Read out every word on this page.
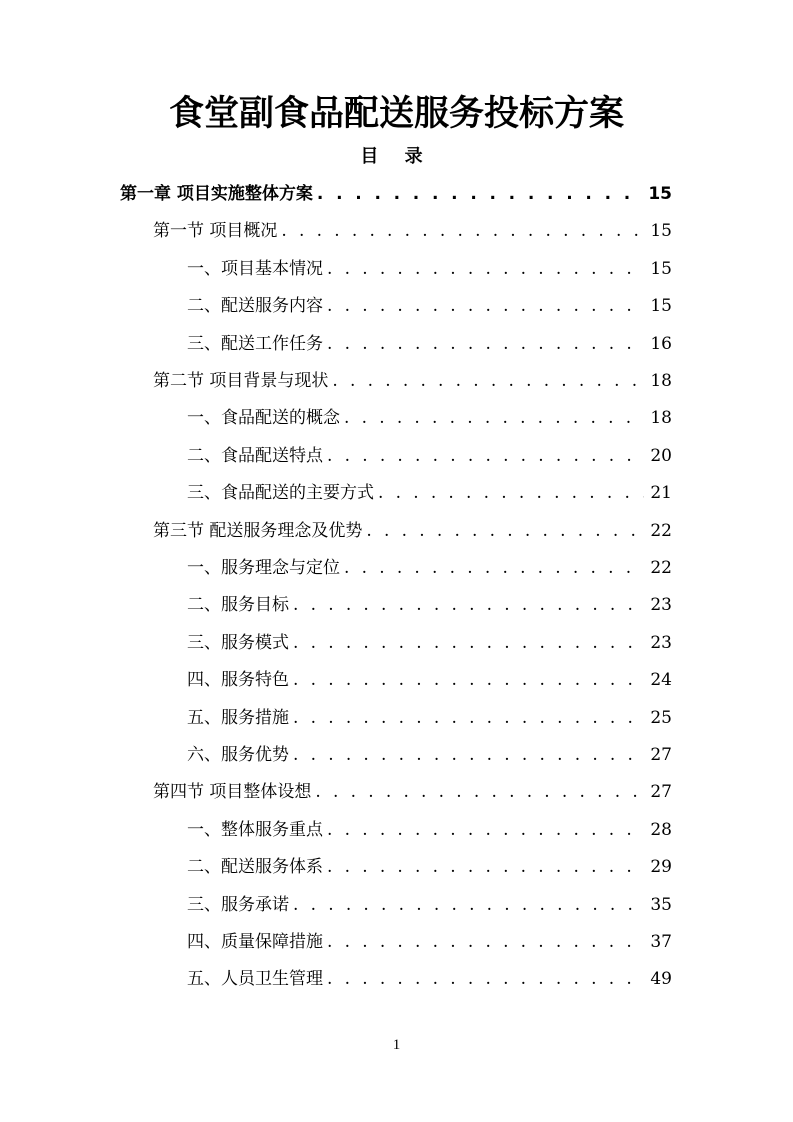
食堂副食品配送服务投标方案
目 录
第一章 项目实施整体方案 . . .	15
第一节 项目概况 . . .	15
一、项目基本情况 . . .	15
二、配送服务内容 . . .	15
三、配送工作任务 . . .	16
第二节 项目背景与现状 . . .	18
一、食品配送的概念 . . .	18
二、食品配送特点 . . .	20
三、食品配送的主要方式 . . .	21
第三节 配送服务理念及优势 . . .	22
一、服务理念与定位 . . .	22
二、服务目标 . . .	23
三、服务模式 . . .	23
四、服务特色 . . .	24
五、服务措施 . . .	25
六、服务优势 . . .	27
第四节 项目整体设想 . . .	27
一、整体服务重点 . . .	28
二、配送服务体系 . . .	29
三、服务承诺 . . .	35
四、质量保障措施 . . .	37
五、人员卫生管理 . . .	49
1
